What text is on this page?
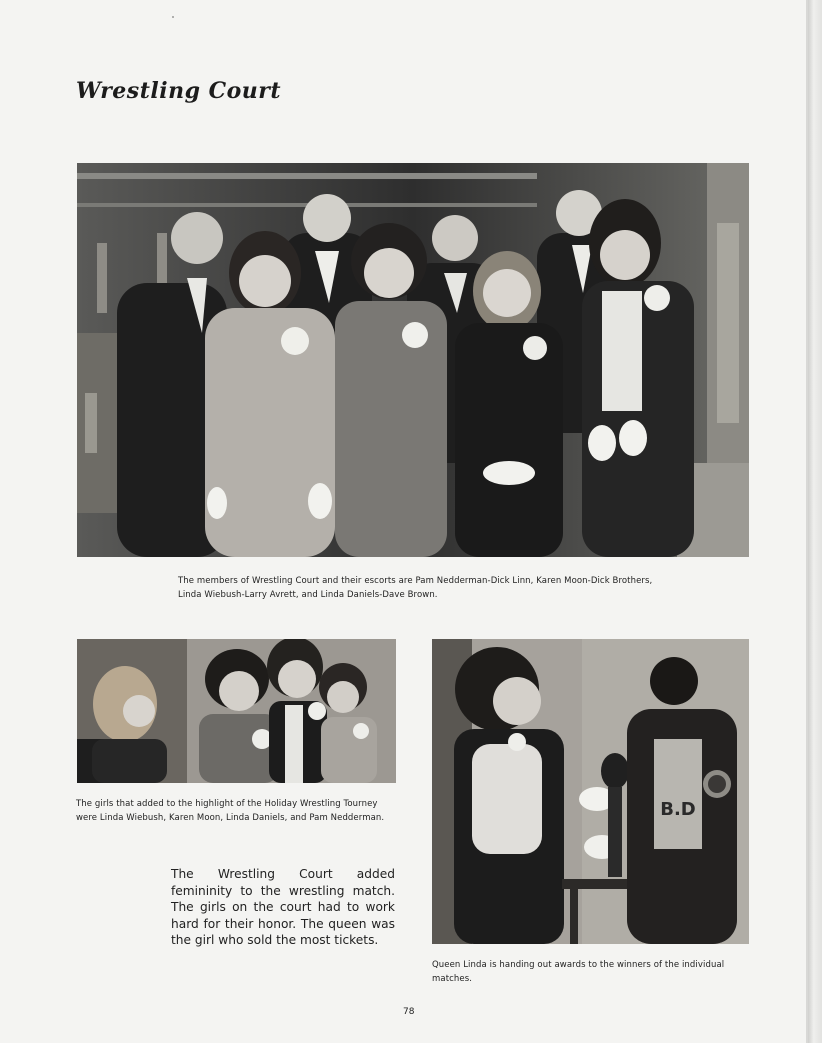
Wrestling Court
The members of Wrestling Court and their escorts are Pam Nedderman-Dick Linn, Karen Moon-Dick Brothers, Linda Wiebush-Larry Avrett, and Linda Daniels-Dave Brown.
The girls that added to the highlight of the Holiday Wrestling Tourney were Linda Wiebush, Karen Moon, Linda Daniels, and Pam Nedderman.
The Wrestling Court added femininity to the wrestling match. The girls on the court had to work hard for their honor. The queen was the girl who sold the most tickets.
B.D
Queen Linda is handing out awards to the winners of the individual matches.
78
